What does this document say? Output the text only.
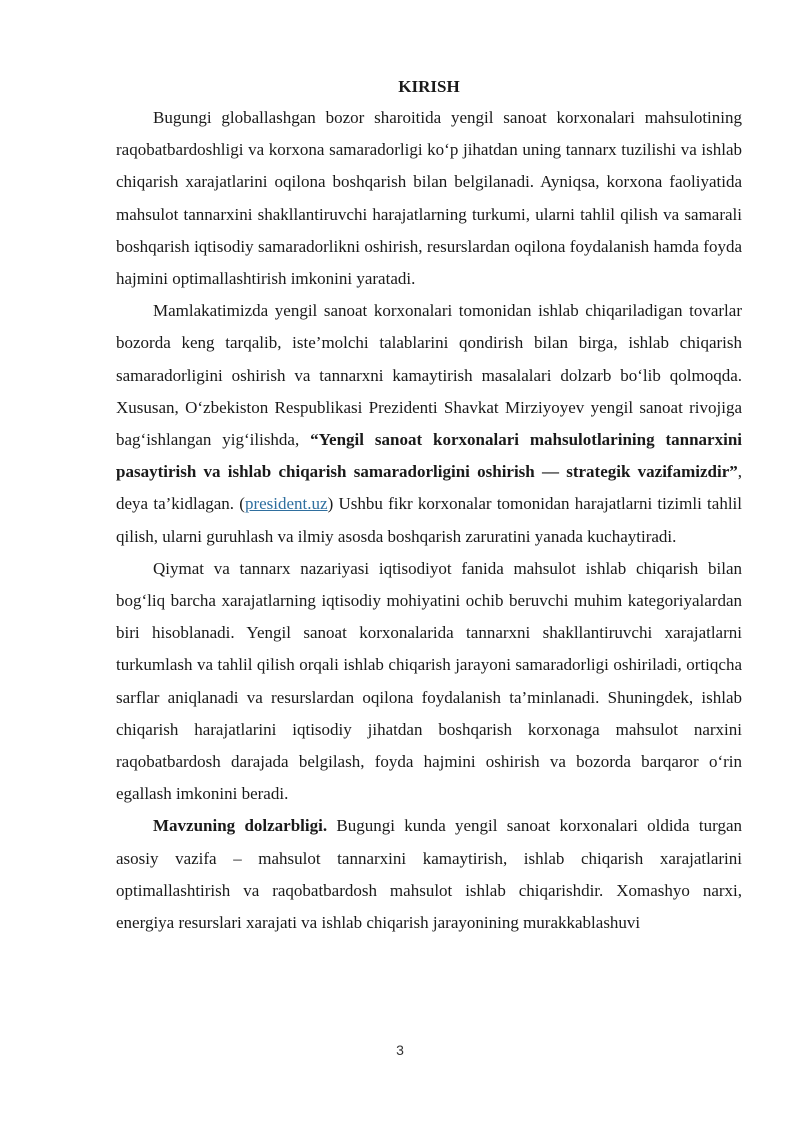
KIRISH

Bugungi globallashgan bozor sharoitida yengil sanoat korxonalari mahsulotining raqobatbardoshligi va korxona samaradorligi ko‘p jihatdan uning tannarx tuzilishi va ishlab chiqarish xarajatlarini oqilona boshqarish bilan belgilanadi. Ayniqsa, korxona faoliyatida mahsulot tannarxini shakllantiruvchi harajatlarning turkumi, ularni tahlil qilish va samarali boshqarish iqtisodiy samaradorlikni oshirish, resurslardan oqilona foydalanish hamda foyda hajmini optimallashtirish imkonini yaratadi.

Mamlakatimizda yengil sanoat korxonalari tomonidan ishlab chiqariladigan tovarlar bozorda keng tarqalib, iste’molchi talablarini qondirish bilan birga, ishlab chiqarish samaradorligini oshirish va tannarxni kamaytirish masalalari dolzarb bo‘lib qolmoqda. Xususan, O‘zbekiston Respublikasi Prezidenti Shavkat Mirziyoyev yengil sanoat rivojiga bag‘ishlangan yig‘ilishda, “Yengil sanoat korxonalari mahsulotlarining tannarxini pasaytirish va ishlab chiqarish samaradorligini oshirish — strategik vazifamizdir”, deya ta’kidlagan. (president.uz) Ushbu fikr korxonalar tomonidan harajatlarni tizimli tahlil qilish, ularni guruhlash va ilmiy asosda boshqarish zaruratini yanada kuchaytiradi.

Qiymat va tannarx nazariyasi iqtisodiyot fanida mahsulot ishlab chiqarish bilan bog‘liq barcha xarajatlarning iqtisodiy mohiyatini ochib beruvchi muhim kategoriyalardan biri hisoblanadi. Yengil sanoat korxonalarida tannarxni shakllantiruvchi xarajatlarni turkumlash va tahlil qilish orqali ishlab chiqarish jarayoni samaradorligi oshiriladi, ortiqcha sarflar aniqlanadi va resurslardan oqilona foydalanish ta’minlanadi. Shuningdek, ishlab chiqarish harajatlarini iqtisodiy jihatdan boshqarish korxonaga mahsulot narxini raqobatbardosh darajada belgilash, foyda hajmini oshirish va bozorda barqaror o‘rin egallash imkonini beradi.

Mavzuning dolzarbligi. Bugungi kunda yengil sanoat korxonalari oldida turgan asosiy vazifa – mahsulot tannarxini kamaytirish, ishlab chiqarish xarajatlarini optimallashtirish va raqobatbardosh mahsulot ishlab chiqarishdir. Xomashyo narxi, energiya resurslari xarajati va ishlab chiqarish jarayonining murakkablashuvi

3
